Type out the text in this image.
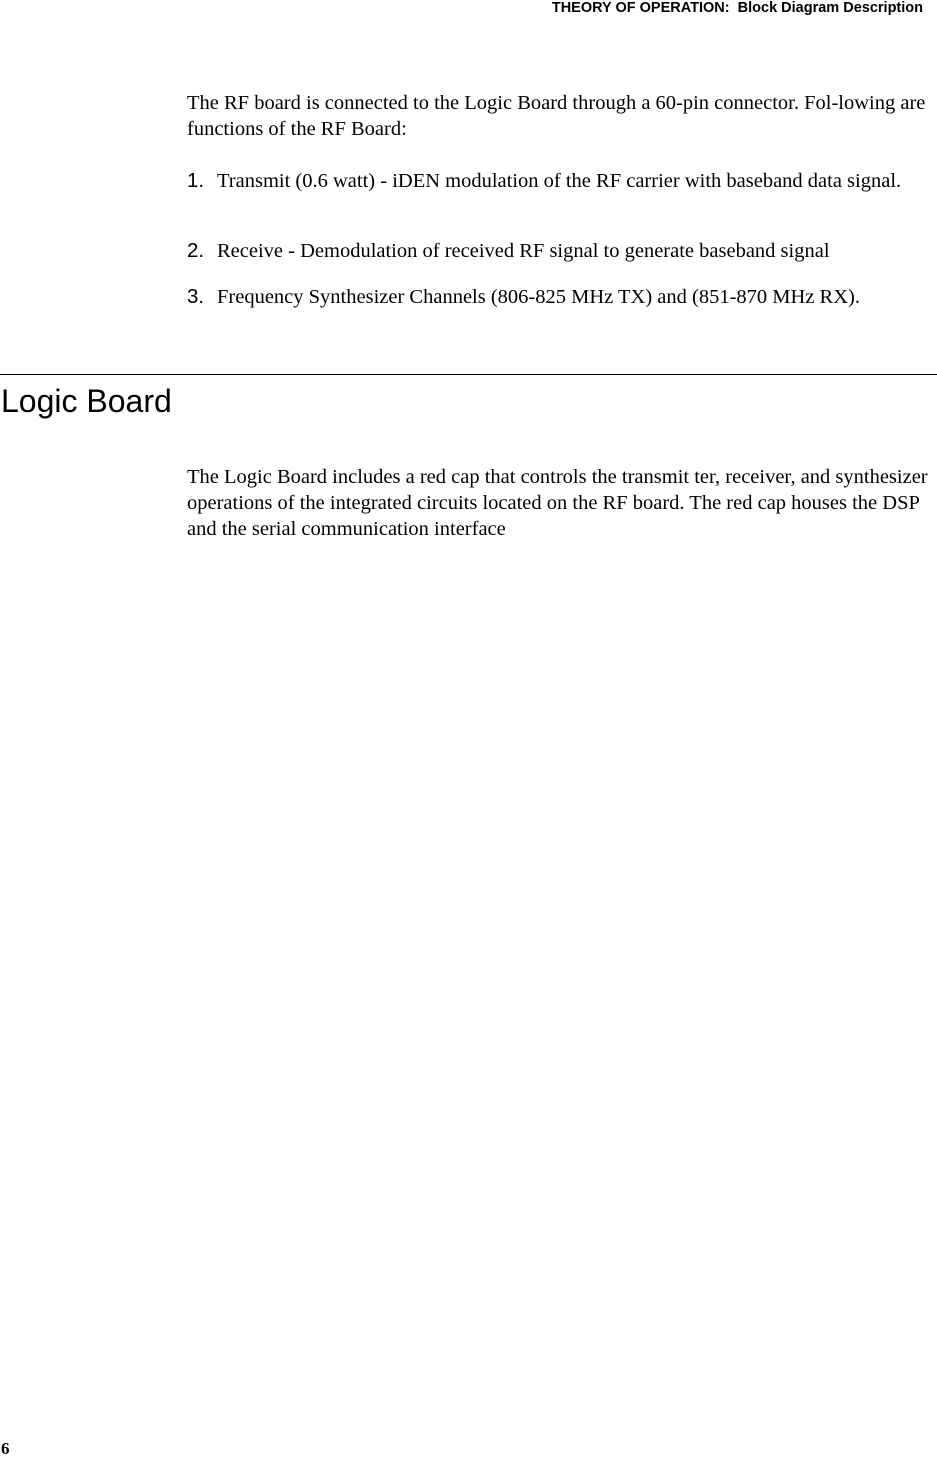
THEORY OF OPERATION:  Block Diagram Description

The RF board is connected to the Logic Board through a 60-pin connector. Fol-lowing are functions of the RF Board:

1. Transmit (0.6 watt) - iDEN modulation of the RF carrier with baseband data signal.
2. Receive - Demodulation of received RF signal to generate baseband signal
3. Frequency Synthesizer Channels (806-825 MHz TX) and (851-870 MHz RX).
Logic Board

The Logic Board includes a red cap that controls the transmit ter, receiver, and synthesizer operations of the integrated circuits located on the RF board. The red cap houses the DSP and the serial communication interface

6
